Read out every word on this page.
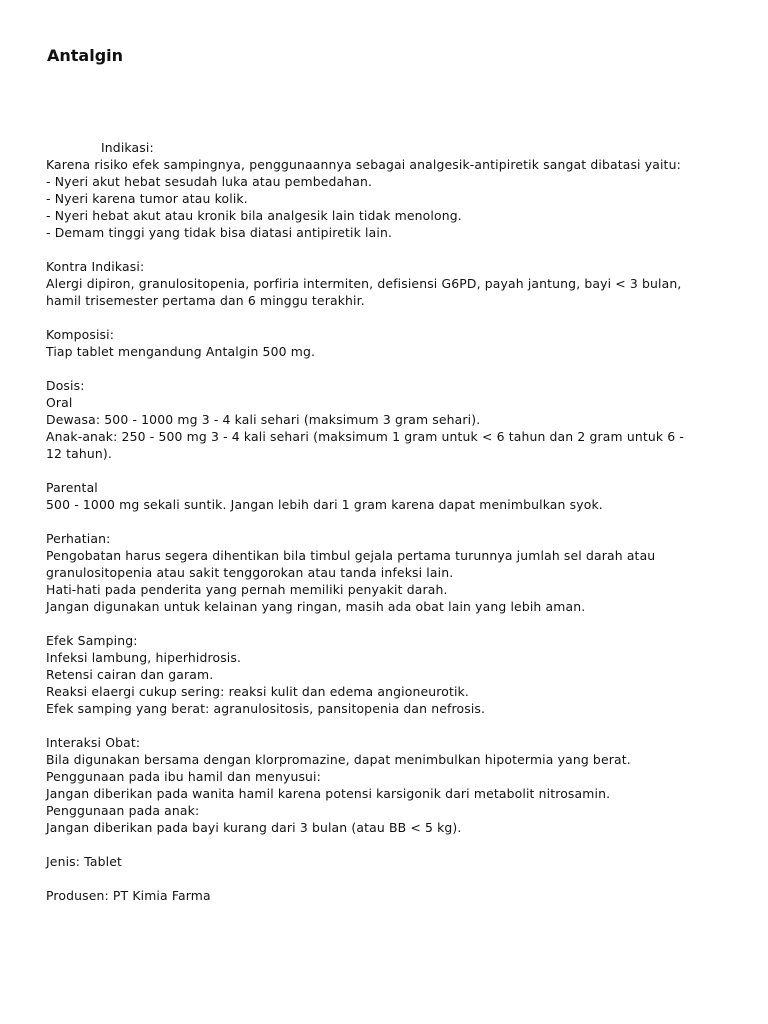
Antalgin
Indikasi:
Karena risiko efek sampingnya, penggunaannya sebagai analgesik-antipiretik sangat dibatasi yaitu:
- Nyeri akut hebat sesudah luka atau pembedahan.
- Nyeri karena tumor atau kolik.
- Nyeri hebat akut atau kronik bila analgesik lain tidak menolong.
- Demam tinggi yang tidak bisa diatasi antipiretik lain.
Kontra Indikasi:
Alergi dipiron, granulositopenia, porfiria intermiten, defisiensi G6PD, payah jantung, bayi < 3 bulan,
hamil trisemester pertama dan 6 minggu terakhir.
Komposisi:
Tiap tablet mengandung Antalgin 500 mg.
Dosis:
Oral
Dewasa: 500 - 1000 mg 3 - 4 kali sehari (maksimum 3 gram sehari).
Anak-anak: 250 - 500 mg 3 - 4 kali sehari (maksimum 1 gram untuk < 6 tahun dan 2 gram untuk 6 -
12 tahun).
Parental
500 - 1000 mg sekali suntik. Jangan lebih dari 1 gram karena dapat menimbulkan syok.
Perhatian:
Pengobatan harus segera dihentikan bila timbul gejala pertama turunnya jumlah sel darah atau
granulositopenia atau sakit tenggorokan atau tanda infeksi lain.
Hati-hati pada penderita yang pernah memiliki penyakit darah.
Jangan digunakan untuk kelainan yang ringan, masih ada obat lain yang lebih aman.
Efek Samping:
Infeksi lambung, hiperhidrosis.
Retensi cairan dan garam.
Reaksi elaergi cukup sering: reaksi kulit dan edema angioneurotik.
Efek samping yang berat: agranulositosis, pansitopenia dan nefrosis.
Interaksi Obat:
Bila digunakan bersama dengan klorpromazine, dapat menimbulkan hipotermia yang berat.
Penggunaan pada ibu hamil dan menyusui:
Jangan diberikan pada wanita hamil karena potensi karsigonik dari metabolit nitrosamin.
Penggunaan pada anak:
Jangan diberikan pada bayi kurang dari 3 bulan (atau BB < 5 kg).
Jenis: Tablet
Produsen: PT Kimia Farma
